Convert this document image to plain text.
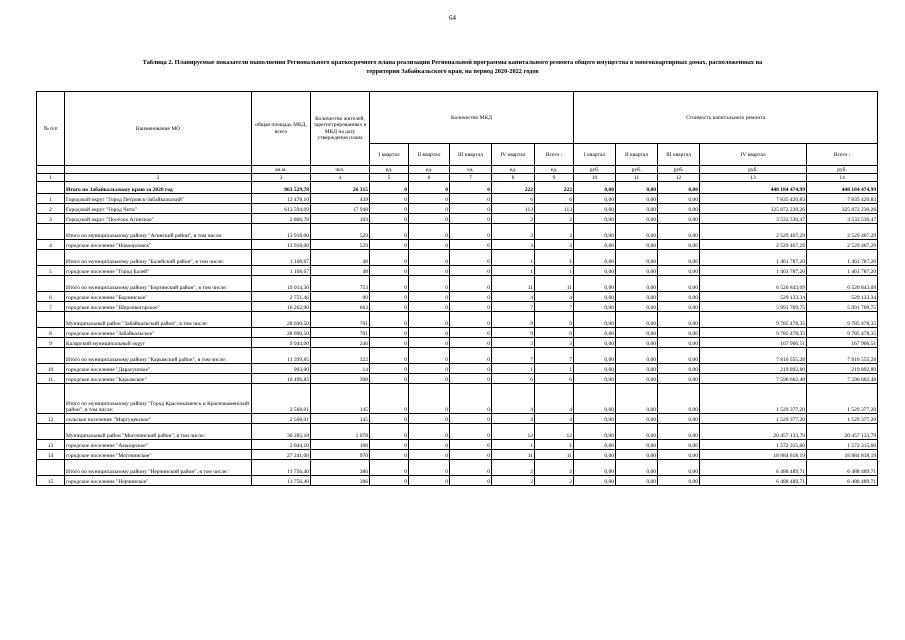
64
Таблица 2. Планируемые показатели выполнения Регионального краткосрочного плана реализации Региональной программы капитального ремонта общего имущества в многоквартирных домах, расположенных на
территории Забайкальского края, на период 2020-2022 годов
№ п/п	Наименование МО	общая площадь МКД, всего	Количество жителей, зарегистрированных в МКД на дату утверждения плана	Количество МКД					Стоимость капитального ремонта				
				I квартал	II квартал	III квартал	IV квартал	Всего :	I квартал	II квартал	III квартал	IV квартал	Всего :
		кв.м.	чел.	ед.	ед.	ед.	ед.	ед.	руб.	руб.	руб.	руб.	руб.
1	2	3	4	5	6	7	8	9	10	11	12	13	14
	Итого по Забайкальскому краю за 2020 год	863 529,78	26 315	0	0	0	222	222	0,00	0,00	0,00	448 184 474,99	448 184 474,99
1	Городской округ "Город Петровск-Забайкальский"	12 478,10	439	0	0	0	6	6	0,00	0,00	0,00	7 835 420,83	7 835 420,83
2	Городской округ "Город Чита"	613 594,09	17 948	0	0	0	113	113	0,00	0,00	0,00	325 872 230,26	325 872 230,26
3	Городской округ "Посёлок Агинское"	2 866,78	103	0	0	0	2	2	0,00	0,00	0,00	3 533 530,47	3 533 530,47
	Итого по муниципальному району "Агинский район", в том числе:	13 918,00	529	0	0	0	3	3	0,00	0,00	0,00	2 529 467,29	2 529 467,29
4	городское поселение "Новоорловск"	13 918,00	529	0	0	0	3	3	0,00	0,00	0,00	2 529 467,29	2 529 467,29
	Итого по муниципальному району "Балейский район", в том числе:	1 108,67	48	0	0	0	1	1	0,00	0,00	0,00	1 461 787,20	1 461 787,20
5	городское поселение "Город Балей"	1 108,67	48	0	0	0	1	1	0,00	0,00	0,00	1 461 787,20	1 461 787,20
	Итого по муниципальному району "Борзинский район", в том числе:	19 014,36	753	0	0	0	11	11	0,00	0,00	0,00	6 520 843,09	6 520 843,09
6	городское поселение "Борзинское"	2 751,46	90	0	0	0	4	4	0,00	0,00	0,00	529 133,34	529 133,34
7	городское поселение "Шерловогорское"	16 262,90	663	0	0	0	7	7	0,00	0,00	0,00	5 991 709,75	5 991 709,75
	Муниципальный район "Забайкальский район", в том числе:	28 690,50	701	0	0	0	9	9	0,00	0,00	0,00	9 785 478,35	9 785 478,35
8	городское поселение "Забайкальское"	28 690,50	701	0	0	0	9	9	0,00	0,00	0,00	9 785 478,35	9 785 478,35
9	Каларский муниципальный округ	9 944,00	246	0	0	0	3	3	0,00	0,00	0,00	167 906,51	167 906,51
	Итого по муниципальному району "Карымский район", в том числе:	11 399,85	322	0	0	0	7	7	0,00	0,00	0,00	7 816 555,28	7 816 555,28
10	городское поселение "Дарасунское"	903,00	14	0	0	0	1	1	0,00	0,00	0,00	219 892,80	219 892,80
11	городское поселение "Карымское"	10 496,85	308	0	0	0	6	6	0,00	0,00	0,00	7 596 662,48	7 596 662,48
	Итого по муниципальному району "Город Краснокаменск и Краснокаменский район", в том числе:	2 568,01	145	0	0	0	4	4	0,00	0,00	0,00	1 529 377,20	1 529 377,20
12	сельское поселение "Маргуцекское"	2 568,01	145	0	0	0	4	4	0,00	0,00	0,00	1 529 377,20	1 529 377,20
	Муниципальный район "Могочинский район", в том числе:	30 285,18	1 078	0	0	0	12	12	0,00	0,00	0,00	20 457 133,79	20 457 133,79
13	городское поселение "Амазарское"	3 044,10	108	0	0	0	1	1	0,00	0,00	0,00	1 572 315,60	1 572 315,60
14	городское поселение "Могочинское"	27 241,08	970	0	0	0	11	11	0,00	0,00	0,00	18 884 818,19	18 884 818,19
	Итого по муниципальному району "Нерчинский район", в том числе:	11 756,40	386	0	0	0	2	2	0,00	0,00	0,00	6 488 489,71	6 488 489,71
15	городское поселение "Нерчинское"	11 756,40	386	0	0	0	2	2	0,00	0,00	0,00	6 488 489,71	6 488 489,71
